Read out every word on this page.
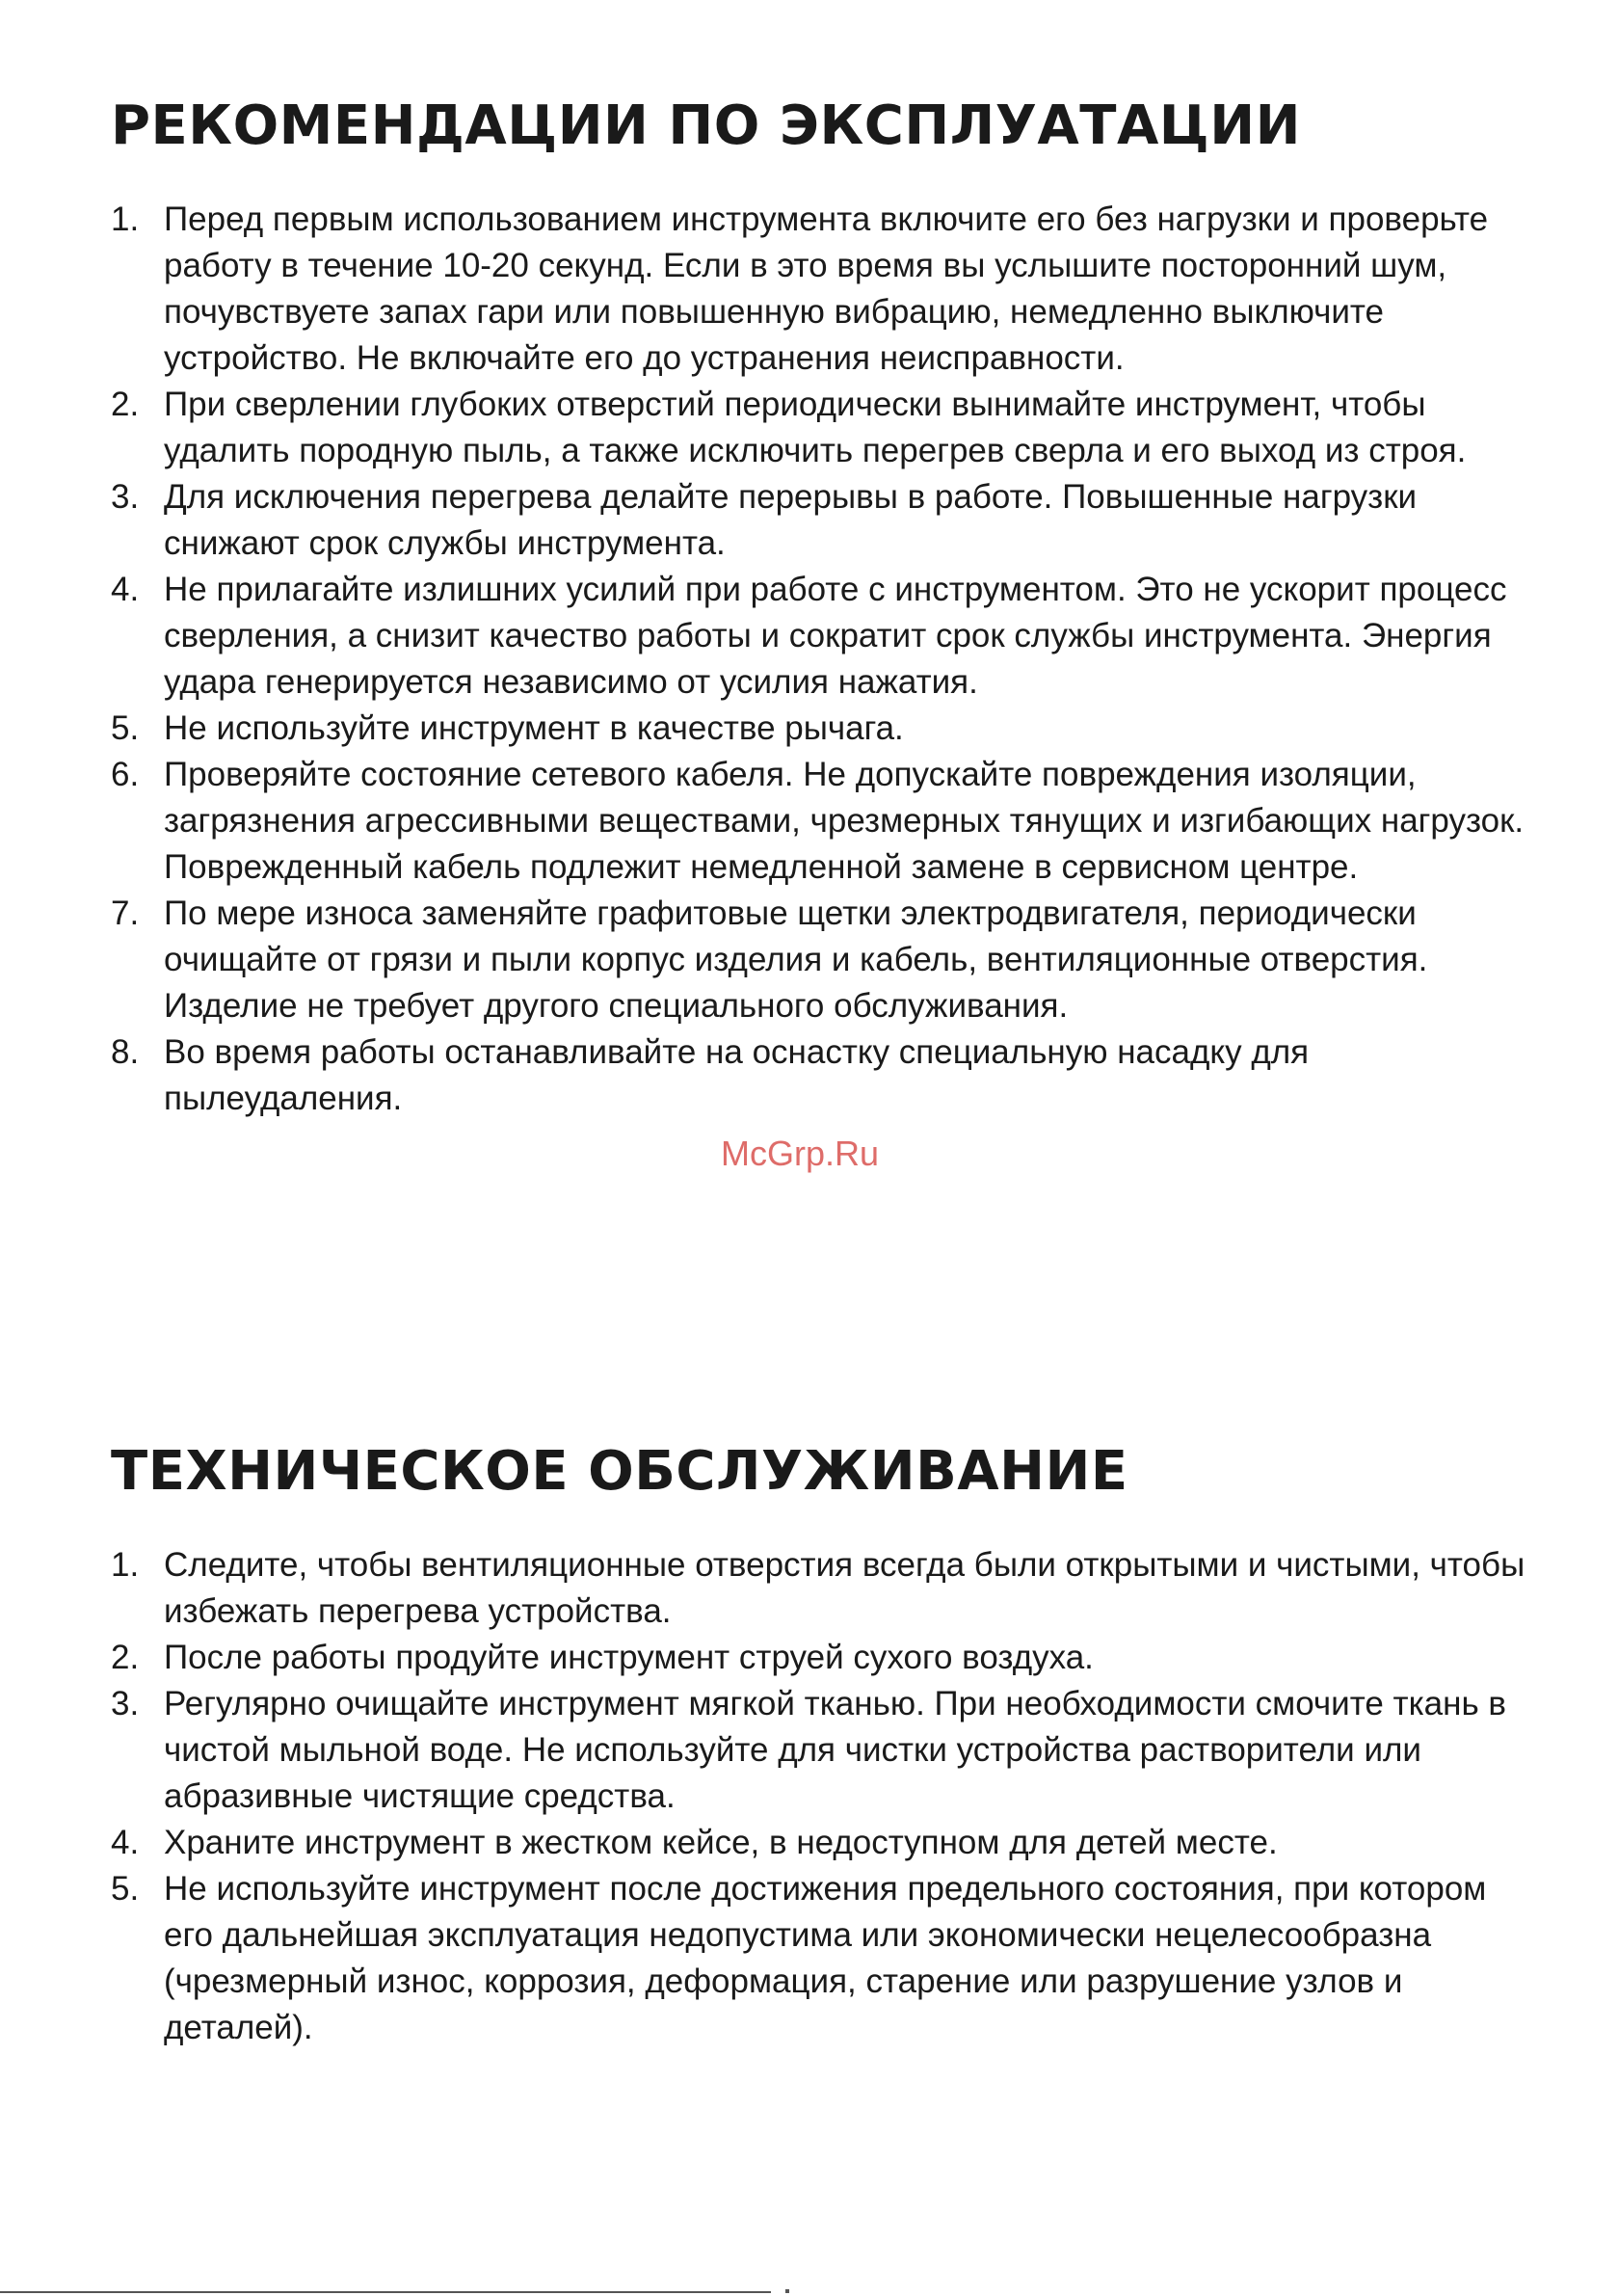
РЕКОМЕНДАЦИИ ПО ЭКСПЛУАТАЦИИ
1. Перед первым использованием инструмента включите его без нагрузки и проверьте работу в течение 10-20 секунд. Если в это время вы услышите посторонний шум, почувствуете запах гари или повышенную вибрацию, немедленно выключите устройство. Не включайте его до устранения неисправности.
2. При сверлении глубоких отверстий периодически вынимайте инструмент, чтобы удалить породную пыль, а также исключить перегрев сверла и его выход из строя.
3. Для исключения перегрева делайте перерывы в работе. Повышенные нагрузки снижают срок службы инструмента.
4. Не прилагайте излишних усилий при работе с инструментом. Это не ускорит процесс сверления, а снизит качество работы и сократит срок службы инструмента. Энергия удара генерируется независимо от усилия нажатия.
5. Не используйте инструмент в качестве рычага.
6. Проверяйте состояние сетевого кабеля. Не допускайте повреждения изоляции, загрязнения агрессивными веществами, чрезмерных тянущих и изгибающих нагрузок. Поврежденный кабель подлежит немедленной замене в сервисном центре.
7. По мере износа заменяйте графитовые щетки электродвигателя, периодически очищайте от грязи и пыли корпус изделия и кабель, вентиляционные отверстия. Изделие не требует другого специального обслуживания.
8. Во время работы останавливайте на оснастку специальную насадку для пылеудаления.
ТЕХНИЧЕСКОЕ ОБСЛУЖИВАНИЕ
1. Следите, чтобы вентиляционные отверстия всегда были открытыми и чистыми, чтобы избежать перегрева устройства.
2. После работы продуйте инструмент струей сухого воздуха.
3. Регулярно очищайте инструмент мягкой тканью. При необходимости смочите ткань в чистой мыльной воде. Не используйте для чистки устройства растворители или абразивные чистящие средства.
4. Храните инструмент в жестком кейсе, в недоступном для детей месте.
5. Не используйте инструмент после достижения предельного состояния, при котором его дальнейшая эксплуатация недопустима или экономически нецелесообразна (чрезмерный износ, коррозия, деформация, старение или разрушение узлов и деталей).
McGrp.Ru
